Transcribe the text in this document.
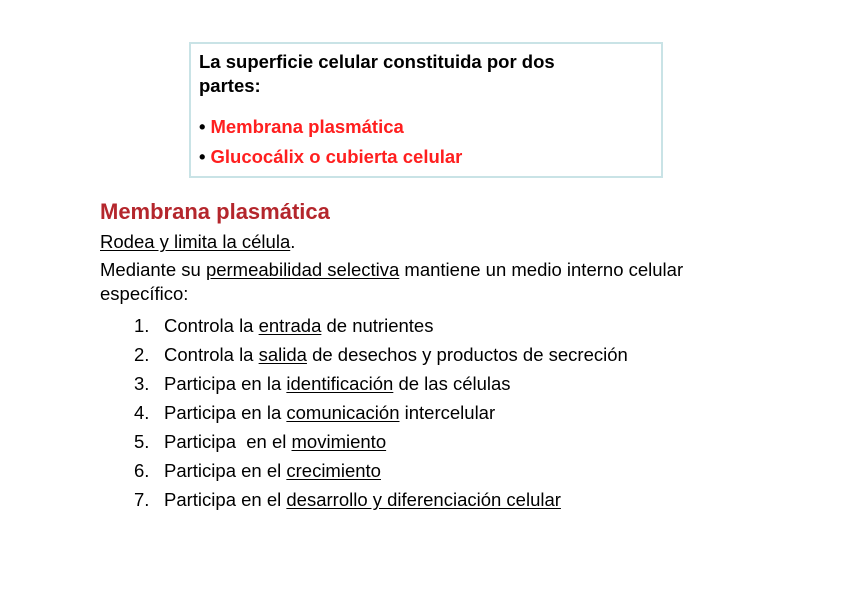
La superficie celular constituida por dos partes:

• Membrana plasmática
• Glucocálix o cubierta celular
Membrana plasmática

Rodea y limita la célula.

Mediante su permeabilidad selectiva mantiene un medio interno celular específico:

1. Controla la entrada de nutrientes
2. Controla la salida de desechos y productos de secreción
3. Participa en la identificación de las células
4. Participa en la comunicación intercelular
5. Participa  en el movimiento
6. Participa en el crecimiento
7. Participa en el desarrollo y diferenciación celular
